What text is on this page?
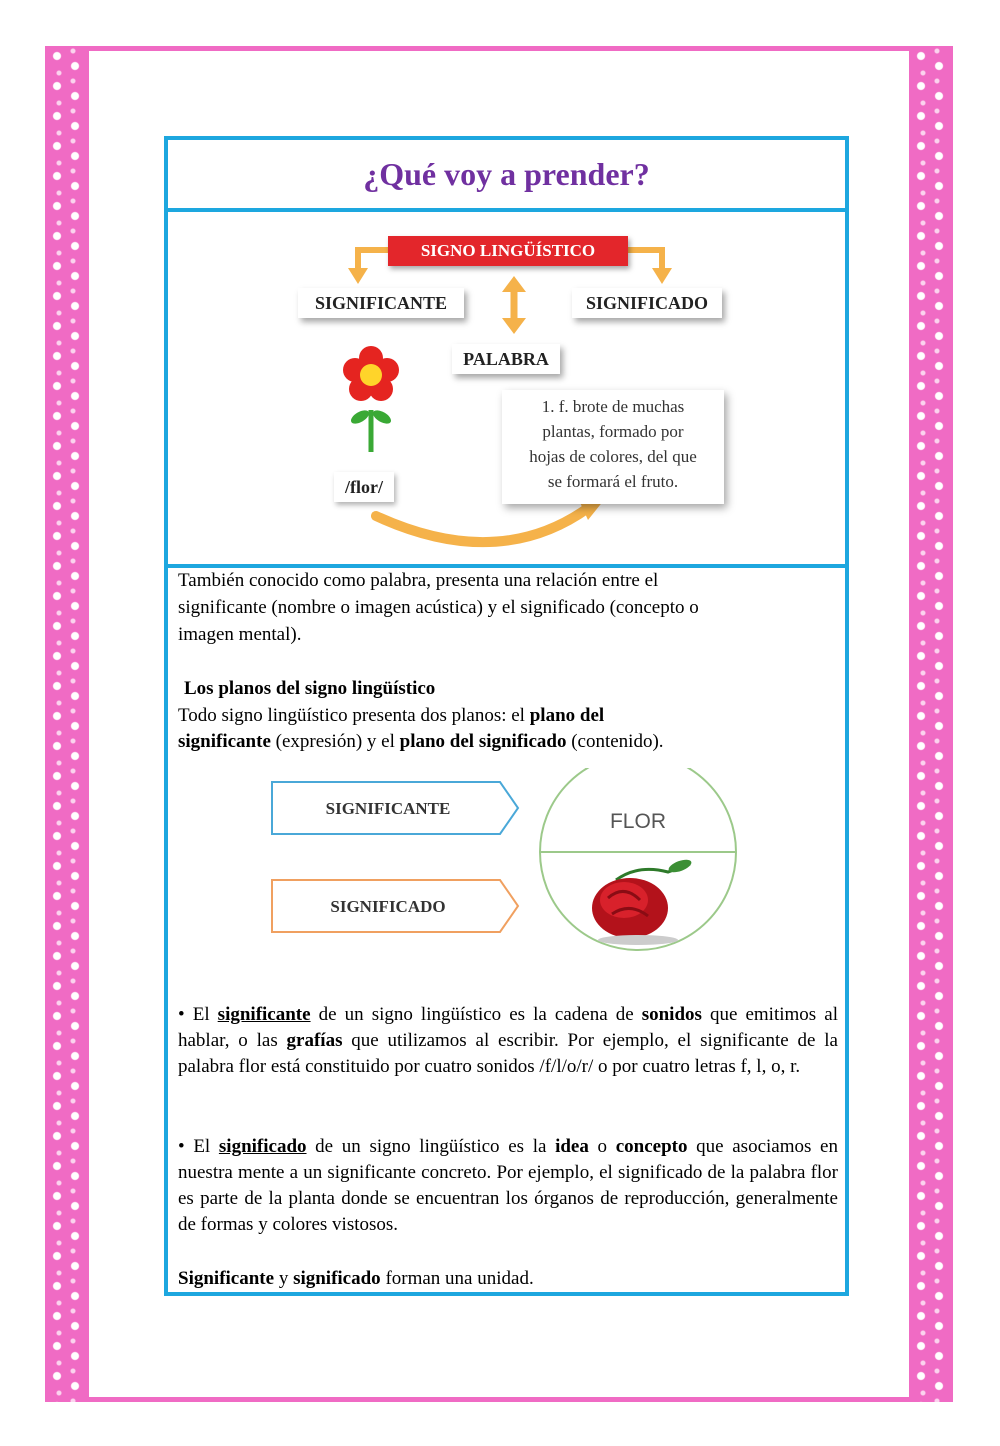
¿Qué voy a prender?
SIGNO LINGÜÍSTICO
SIGNIFICANTE	SIGNIFICADO
PALABRA
/flor/
1. f. brote de muchas
plantas, formado por
hojas de colores, del que
se formará el fruto.

También conocido como palabra, presenta una relación entre el

significante (nombre o imagen acústica) y el significado (concepto o

imagen mental).

Los planos del signo lingüístico

Todo signo lingüístico presenta dos planos: el plano del

significante (expresión) y el plano del significado (contenido).

SIGNIFICANTE
SIGNIFICADO
FLOR

• El significante de un signo lingüístico es la cadena de sonidos que emitimos al hablar, o las grafías que utilizamos al escribir. Por ejemplo, el significante de la palabra flor está constituido por cuatro sonidos /f/l/o/r/ o por cuatro letras f, l, o, r.

• El significado de un signo lingüístico es la idea o concepto que asociamos en nuestra mente a un significante concreto. Por ejemplo, el significado de la palabra flor es parte de la planta donde se encuentran los órganos de reproducción, generalmente de formas y colores vistosos.

Significante y significado forman una unidad.
